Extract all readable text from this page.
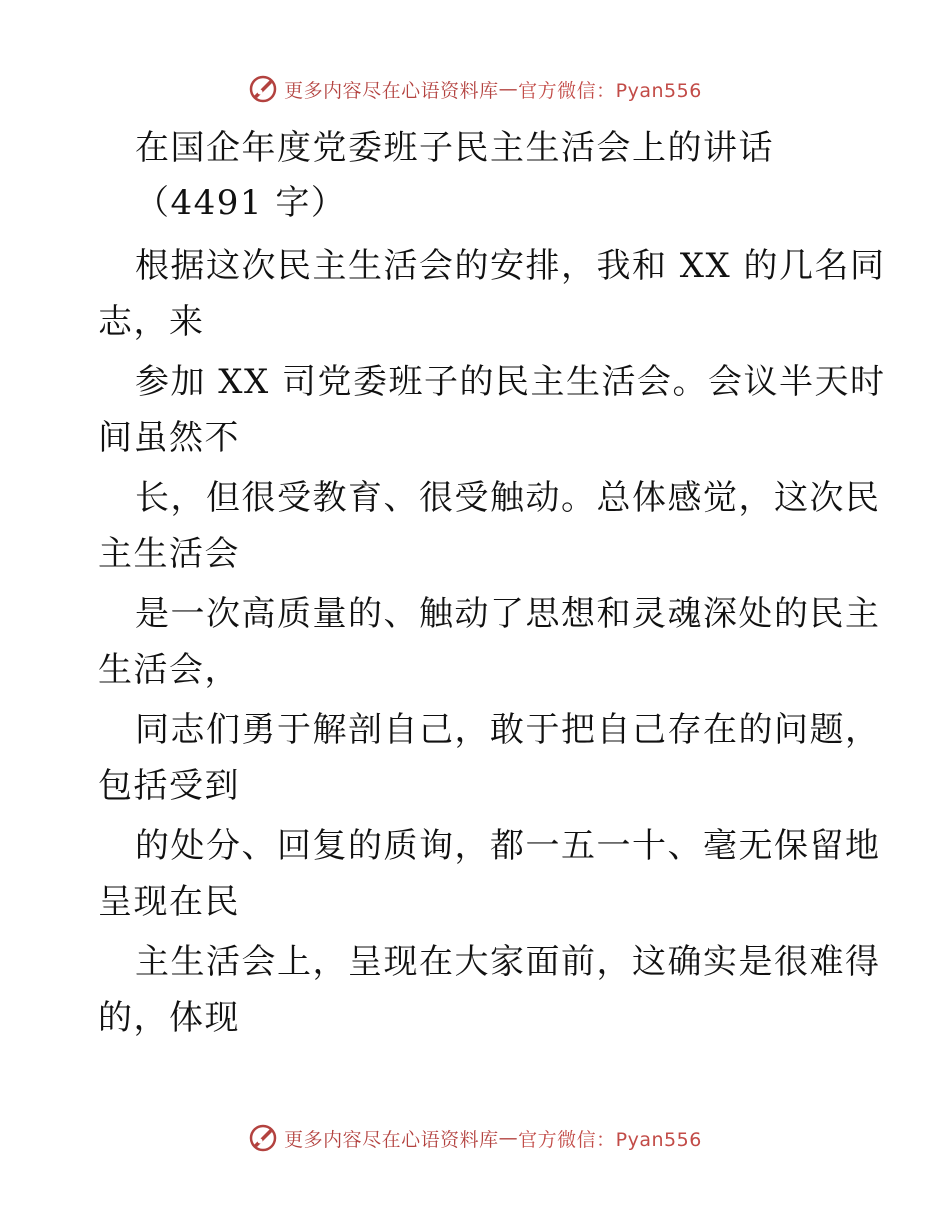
更多内容尽在心语资料库 — 官方微信：Pyan556
在国企年度党委班子民主生活会上的讲话
（4491 字）
根据这次民主生活会的安排，我和 XX 的几名同
志，来
参加 XX 司党委班子的民主生活会。会议半天时
间虽然不
长，但很受教育、很受触动。总体感觉，这次民
主生活会
是一次高质量的、触动了思想和灵魂深处的民主
生活会，
同志们勇于解剖自己，敢于把自己存在的问题，
包括受到
的处分、回复的质询，都一五一十、毫无保留地
呈现在民
主生活会上，呈现在大家面前，这确实是很难得
的，体现
更多内容尽在心语资料库 — 官方微信：Pyan556
